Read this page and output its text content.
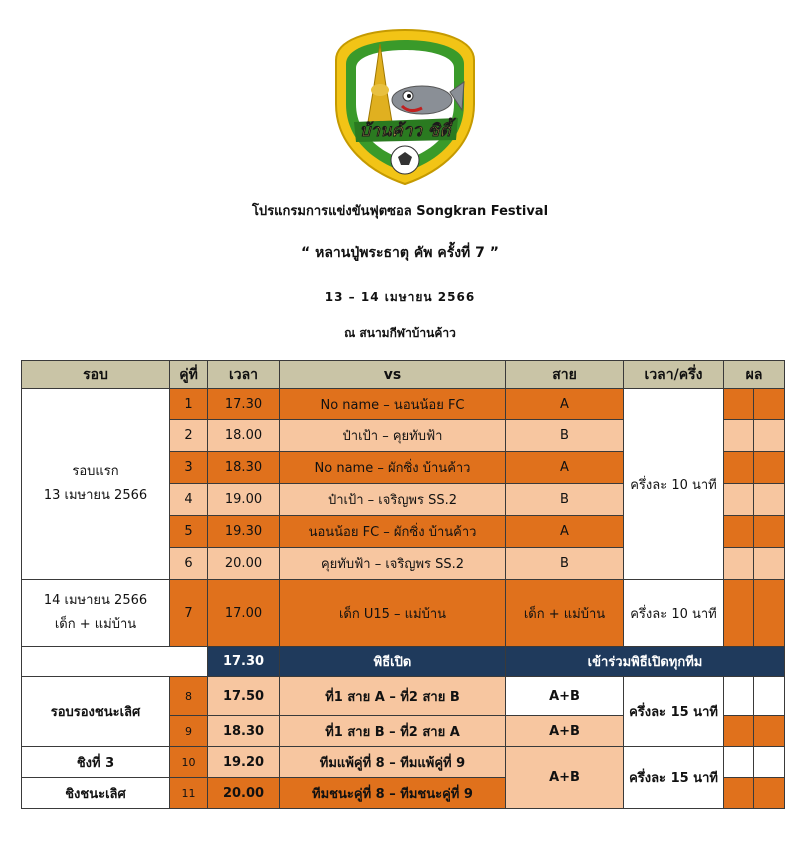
บ้านค้าว ซิตี้
โปรแกรมการแข่งขันฟุตซอล Songkran Festival
“ หลานปู่พระธาตุ คัพ ครั้งที่ 7 ”
13 – 14 เมษายน 2566
ณ สนามกีฬาบ้านค้าว
รอบ	คู่ที่	เวลา	vs	สาย	เวลา/ครึ่ง	ผล	
รอบแรก
13 เมษายน 2566	1	17.30	No name – นอนน้อย FC	A	ครึ่งละ 10 นาที		
	2	18.00	ป๋าเป้า – คุยทับฟ้า	B			
	3	18.30	No name – ผักซิ่ง บ้านค้าว	A			
	4	19.00	ป๋าเป้า – เจริญพร SS.2	B			
	5	19.30	นอนน้อย FC – ผักซิ่ง บ้านค้าว	A			
	6	20.00	คุยทับฟ้า – เจริญพร SS.2	B			
14 เมษายน 2566
เด็ก + แม่บ้าน	7	17.00	เด็ก U15 – แม่บ้าน	เด็ก + แม่บ้าน	ครึ่งละ 10 นาที		
		17.30	พิธีเปิด	เข้าร่วมพิธีเปิดทุกทีม			
รอบรองชนะเลิศ	8	17.50	ที่1 สาย A – ที่2 สาย B	A+B	ครึ่งละ 15 นาที		
	9	18.30	ที่1 สาย B – ที่2 สาย A	A+B			
ชิงที่ 3	10	19.20	ทีมแพ้คู่ที่ 8 – ทีมแพ้คู่ที่ 9	A+B	ครึ่งละ 15 นาที		
ชิงชนะเลิศ	11	20.00	ทีมชนะคู่ที่ 8 – ทีมชนะคู่ที่ 9				
